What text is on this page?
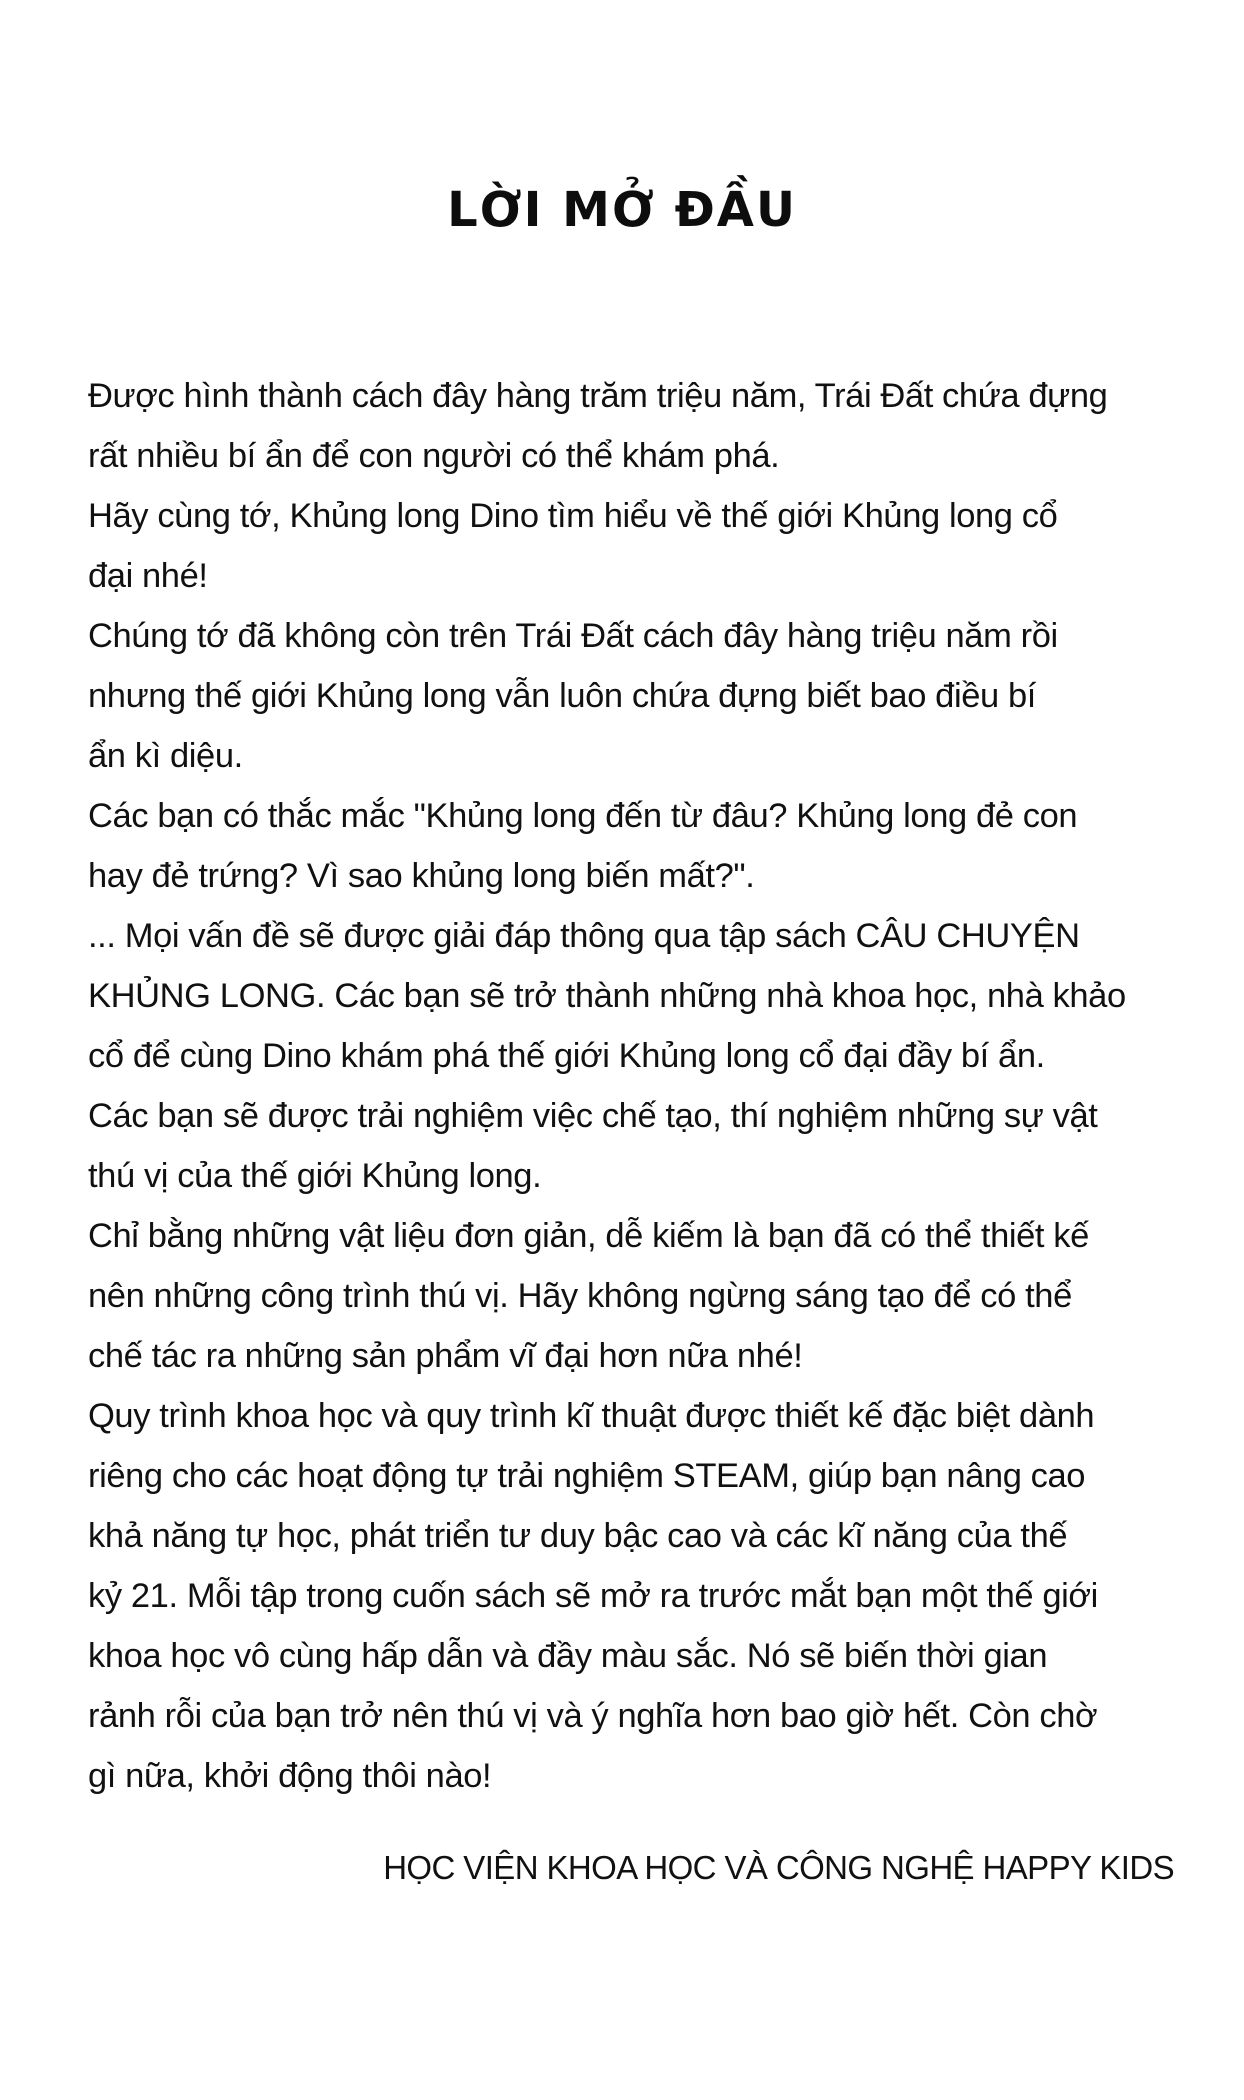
LỜI MỞ ĐẦU
Được hình thành cách đây hàng trăm triệu năm, Trái Đất chứa đựng
rất nhiều bí ẩn để con người có thể khám phá.
Hãy cùng tớ, Khủng long Dino tìm hiểu về thế giới Khủng long cổ
đại nhé!
Chúng tớ đã không còn trên Trái Đất cách đây hàng triệu năm rồi
nhưng thế giới Khủng long vẫn luôn chứa đựng biết bao điều bí
ẩn kì diệu.
Các bạn có thắc mắc "Khủng long đến từ đâu? Khủng long đẻ con
hay đẻ trứng? Vì sao khủng long biến mất?".
... Mọi vấn đề sẽ được giải đáp thông qua tập sách CÂU CHUYỆN
KHỦNG LONG. Các bạn sẽ trở thành những nhà khoa học, nhà khảo
cổ để cùng Dino khám phá thế giới Khủng long cổ đại đầy bí ẩn.
Các bạn sẽ được trải nghiệm việc chế tạo, thí nghiệm những sự vật
thú vị của thế giới Khủng long.
Chỉ bằng những vật liệu đơn giản, dễ kiếm là bạn đã có thể thiết kế
nên những công trình thú vị. Hãy không ngừng sáng tạo để có thể
chế tác ra những sản phẩm vĩ đại hơn nữa nhé!
Quy trình khoa học và quy trình kĩ thuật được thiết kế đặc biệt dành
riêng cho các hoạt động tự trải nghiệm STEAM, giúp bạn nâng cao
khả năng tự học, phát triển tư duy bậc cao và các kĩ năng của thế
kỷ 21. Mỗi tập trong cuốn sách sẽ mở ra trước mắt bạn một thế giới
khoa học vô cùng hấp dẫn và đầy màu sắc. Nó sẽ biến thời gian
rảnh rỗi của bạn trở nên thú vị và ý nghĩa hơn bao giờ hết. Còn chờ
gì nữa, khởi động thôi nào!
HỌC VIỆN KHOA HỌC VÀ CÔNG NGHỆ HAPPY KIDS
